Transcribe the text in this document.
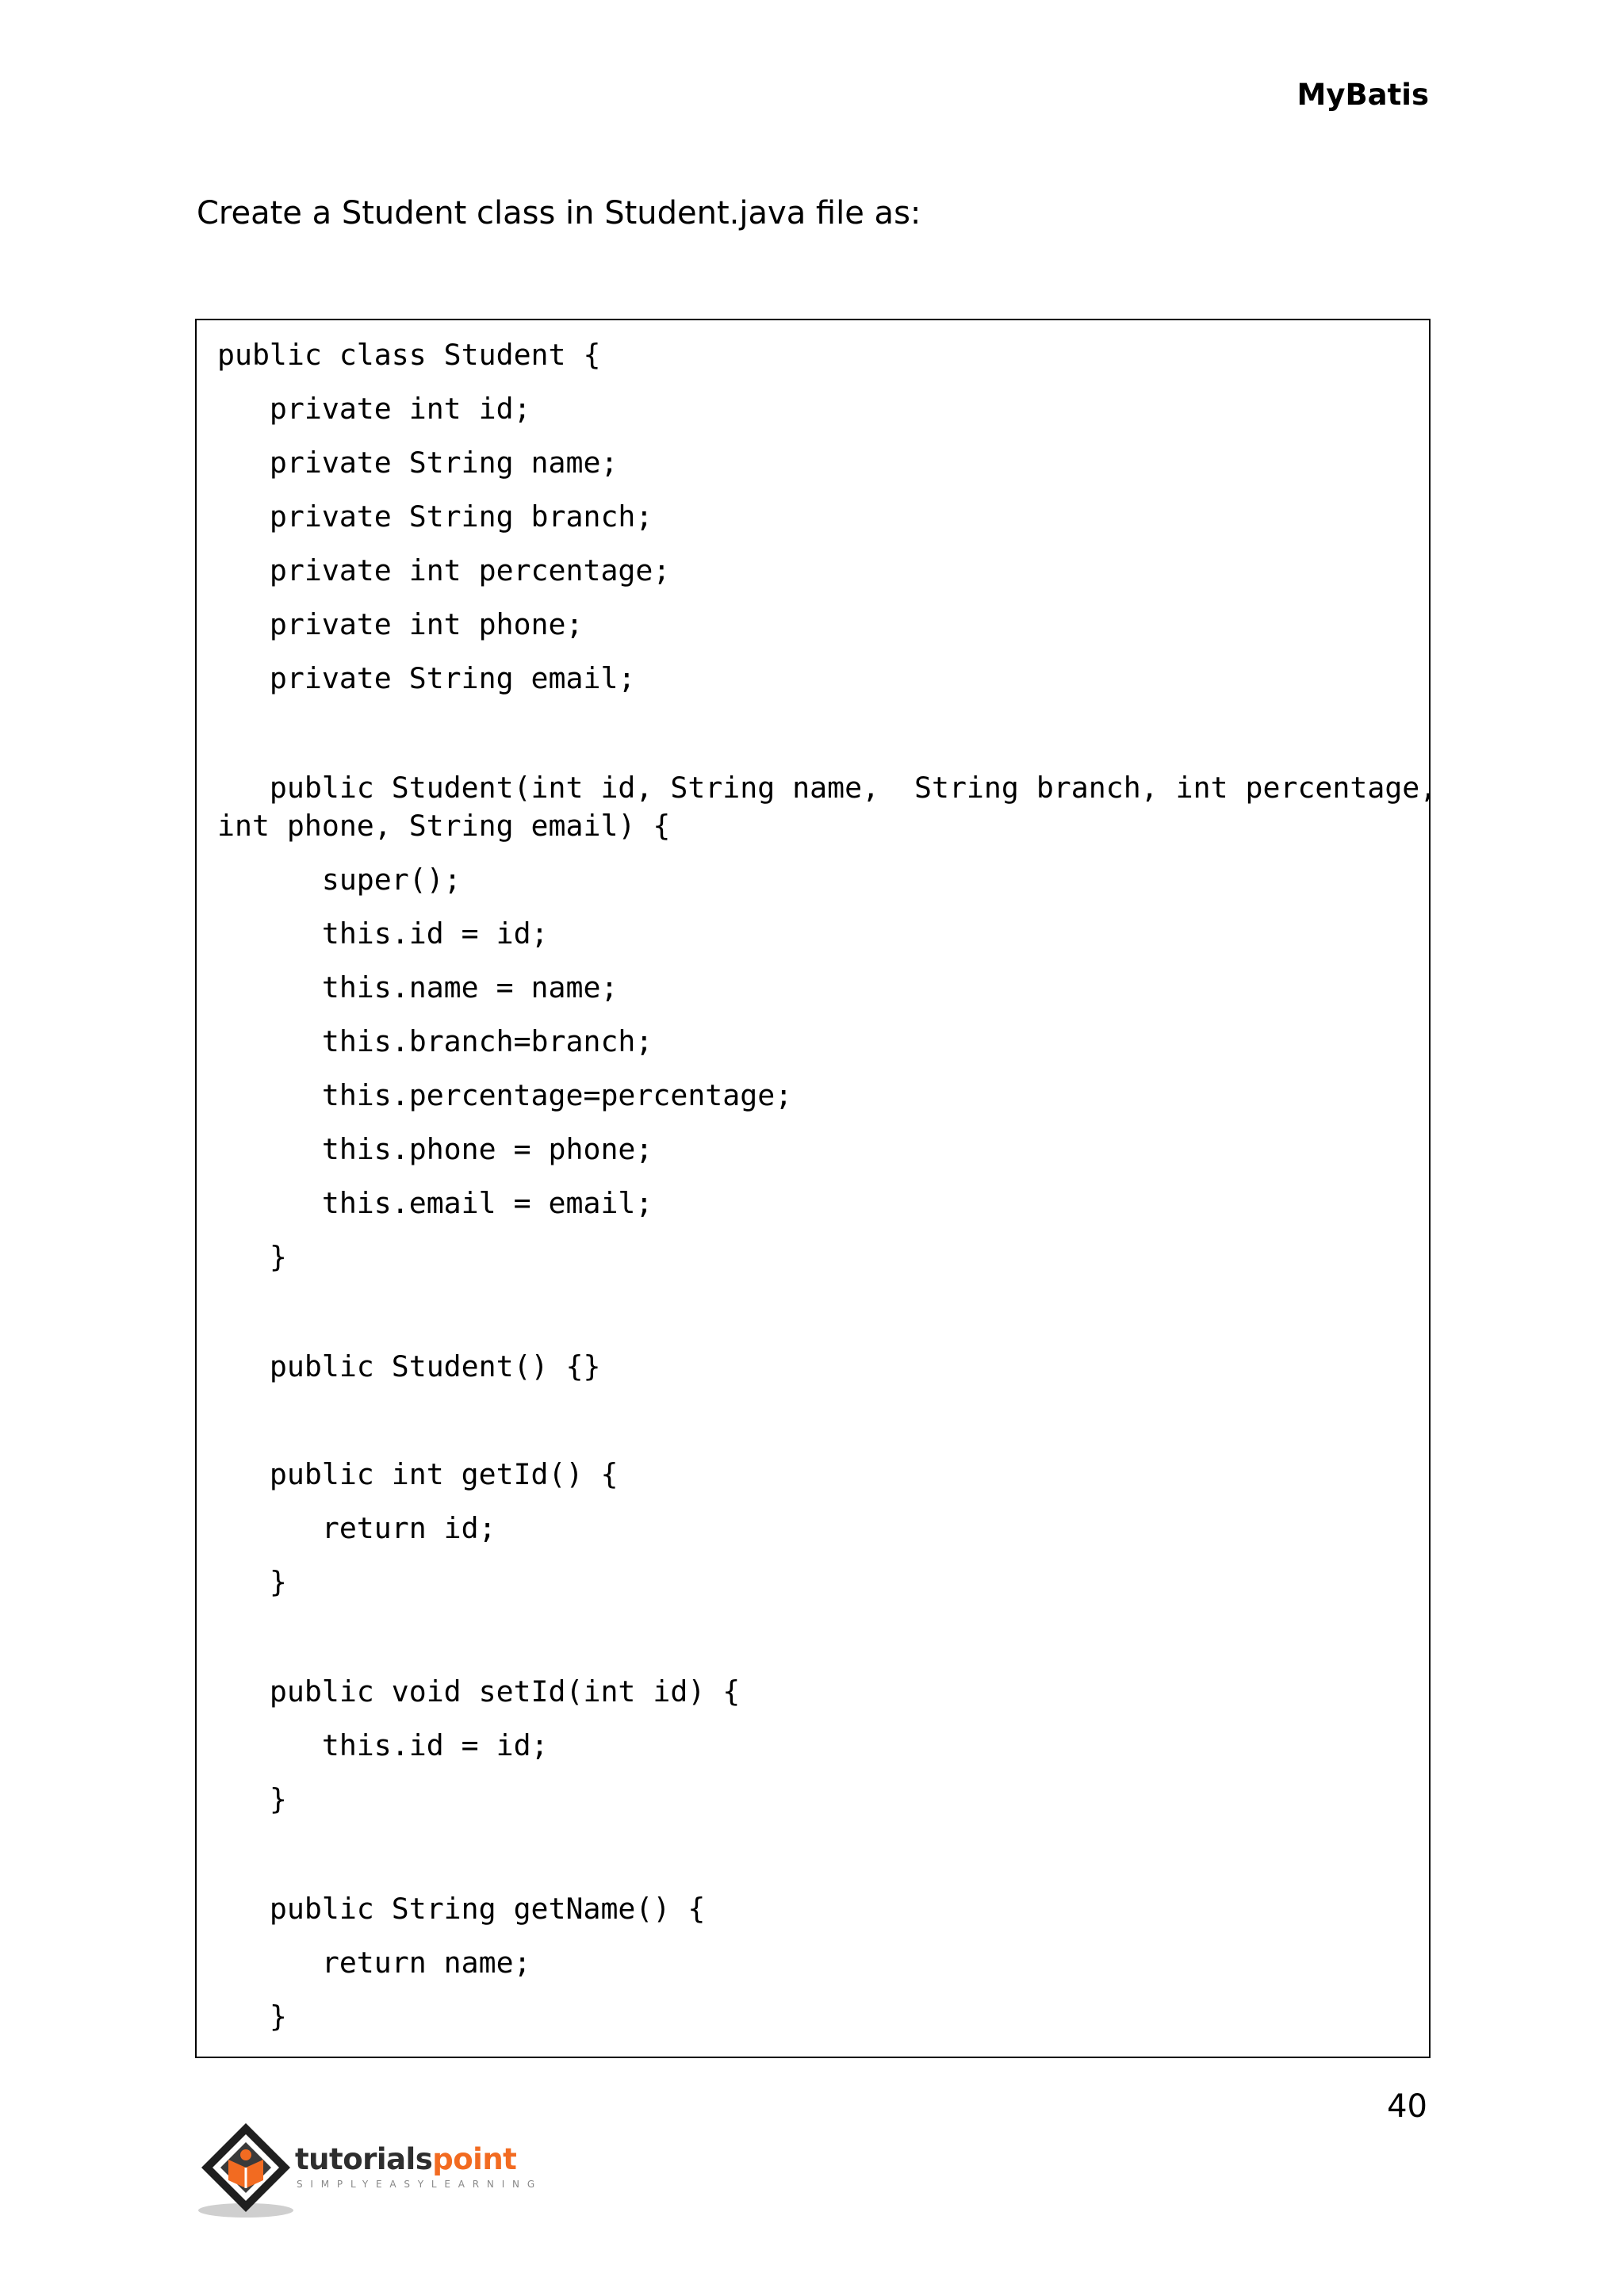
MyBatis
Create a Student class in Student.java file as:
public class Student {
private int id;
private String name;
private String branch;
private int percentage;
private int phone;
private String email;
public Student(int id, String name,  String branch, int percentage,
int phone, String email) {
super();
this.id = id;
this.name = name;
this.branch=branch;
this.percentage=percentage;
this.phone = phone;
this.email = email;
}
public Student() {}
public int getId() {
return id;
}
public void setId(int id) {
this.id = id;
}
public String getName() {
return name;
}
40
tutorialspoint
SIMPLYEASYLEARNING
